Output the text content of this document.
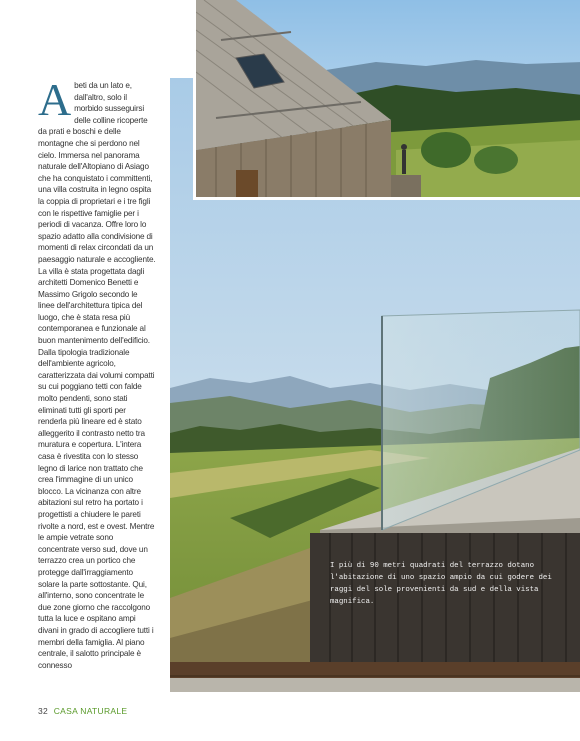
I più di 90 metri quadrati del terrazzo dotano l'abitazione di uno spazio ampio da cui godere dei raggi del sole provenienti da sud e della vista magnifica.
A beti da un lato e, dall'altro, solo il morbido susseguirsi delle colline ricoperte da prati e boschi e delle montagne che si perdono nel cielo. Immersa nel panorama naturale dell'Altopiano di Asiago che ha conquistato i committenti, una villa costruita in legno ospita la coppia di proprietari e i tre figli con le rispettive famiglie per i periodi di vacanza. Offre loro lo spazio adatto alla condivisione di momenti di relax circondati da un paesaggio naturale e accogliente. La villa è stata progettata dagli architetti Domenico Benetti e Massimo Grigolo secondo le linee dell'architettura tipica del luogo, che è stata resa più contemporanea e funzionale al buon mantenimento dell'edificio. Dalla tipologia tradizionale dell'ambiente agricolo, caratterizzata dai volumi compatti su cui poggiano tetti con falde molto pendenti, sono stati eliminati tutti gli sporti per renderla più lineare ed è stato alleggerito il contrasto netto tra muratura e copertura. L'intera casa è rivestita con lo stesso legno di larice non trattato che crea l'immagine di un unico blocco. La vicinanza con altre abitazioni sul retro ha portato i progettisti a chiudere le pareti rivolte a nord, est e ovest. Mentre le ampie vetrate sono concentrate verso sud, dove un terrazzo crea un portico che protegge dall'irraggiamento solare la parte sottostante. Qui, all'interno, sono concentrate le due zone giorno che raccolgono tutta la luce e ospitano ampi divani in grado di accogliere tutti i membri della famiglia. Al piano centrale, il salotto principale è connesso

32 CASA NATURALE
